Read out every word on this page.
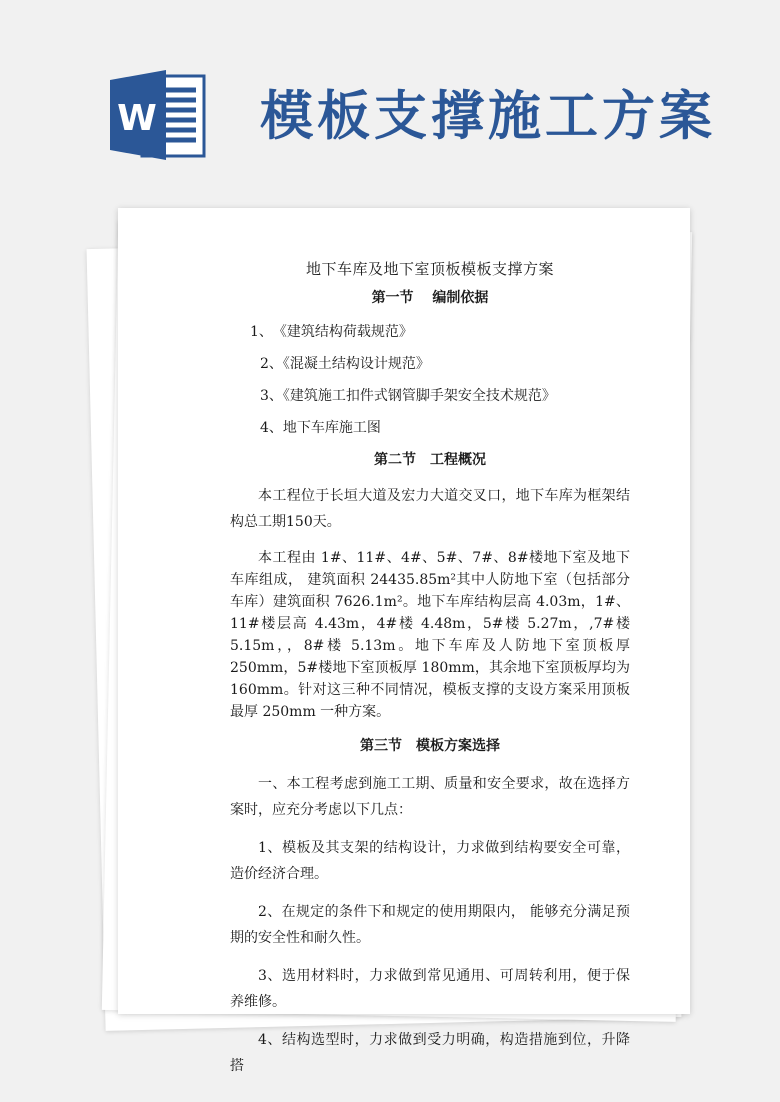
W 模板支撑施工方案

地下车库及地下室顶板模板支撑方案

第一节　 编制依据

1、　《建筑结构荷载规范》

2、《混凝土结构设计规范》

3、《建筑施工扣件式钢管脚手架安全技术规范》

4、地下车库施工图

第二节　工程概况

本工程位于长垣大道及宏力大道交叉口，地下车库为框架结构总工期150天。

本工程由 1#、11#、4#、5#、7#、8#楼地下室及地下车库组成， 建筑面积 24435.85m²其中人防地下室（包括部分车库）建筑面积 7626.1m²。地下车库结构层高 4.03m，1#、11#楼层高 4.43m，4#楼 4.48m，5#楼 5.27m，,7#楼 5.15m，，8#楼 5.13m。地下车库及人防地下室顶板厚 250mm，5#楼地下室顶板厚 180mm，其余地下室顶板厚均为 160mm。针对这三种不同情况，模板支撑的支设方案采用顶板最厚 250mm 一种方案。

第三节　模板方案选择

一、本工程考虑到施工工期、质量和安全要求，故在选择方案时，应充分考虑以下几点：

1、模板及其支架的结构设计，力求做到结构要安全可靠，造价经济合理。

2、在规定的条件下和规定的使用期限内， 能够充分满足预期的安全性和耐久性。

3、选用材料时，力求做到常见通用、可周转利用，便于保养维修。

4、结构选型时，力求做到受力明确，构造措施到位，升降搭
